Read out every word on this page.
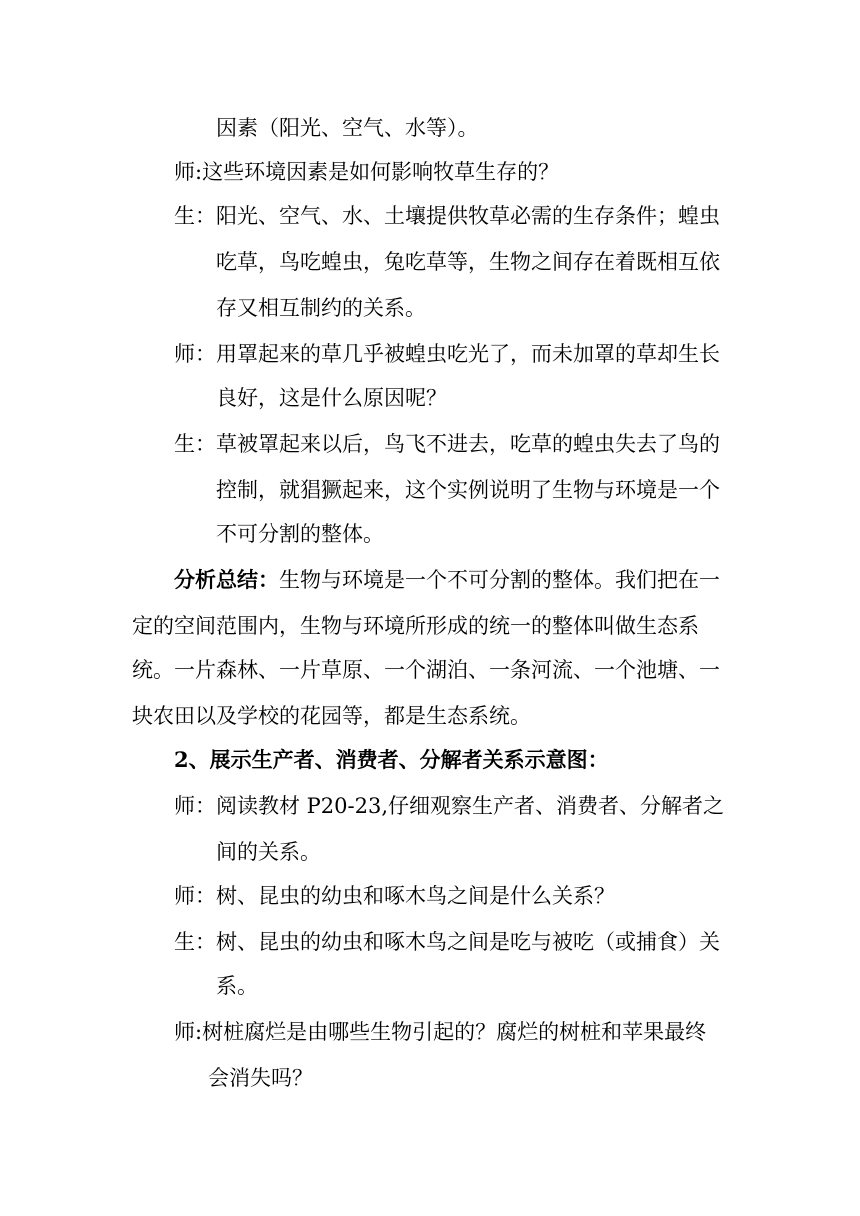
因素（阳光、空气、水等）。

师:这些环境因素是如何影响牧草生存的？

生：阳光、空气、水、土壤提供牧草必需的生存条件；蝗虫

吃草，鸟吃蝗虫，兔吃草等，生物之间存在着既相互依

存又相互制约的关系。

师：用罩起来的草几乎被蝗虫吃光了，而未加罩的草却生长

良好，这是什么原因呢？

生：草被罩起来以后，鸟飞不进去，吃草的蝗虫失去了鸟的

控制，就猖獗起来，这个实例说明了生物与环境是一个

不可分割的整体。

分析总结：生物与环境是一个不可分割的整体。我们把在一

定的空间范围内，生物与环境所形成的统一的整体叫做生态系

统。一片森林、一片草原、一个湖泊、一条河流、一个池塘、一

块农田以及学校的花园等，都是生态系统。

2、展示生产者、消费者、分解者关系示意图：

师：阅读教材 P20-23,仔细观察生产者、消费者、分解者之

间的关系。

师：树、昆虫的幼虫和啄木鸟之间是什么关系？

生：树、昆虫的幼虫和啄木鸟之间是吃与被吃（或捕食）关

系。

师:树桩腐烂是由哪些生物引起的？腐烂的树桩和苹果最终

会消失吗？
